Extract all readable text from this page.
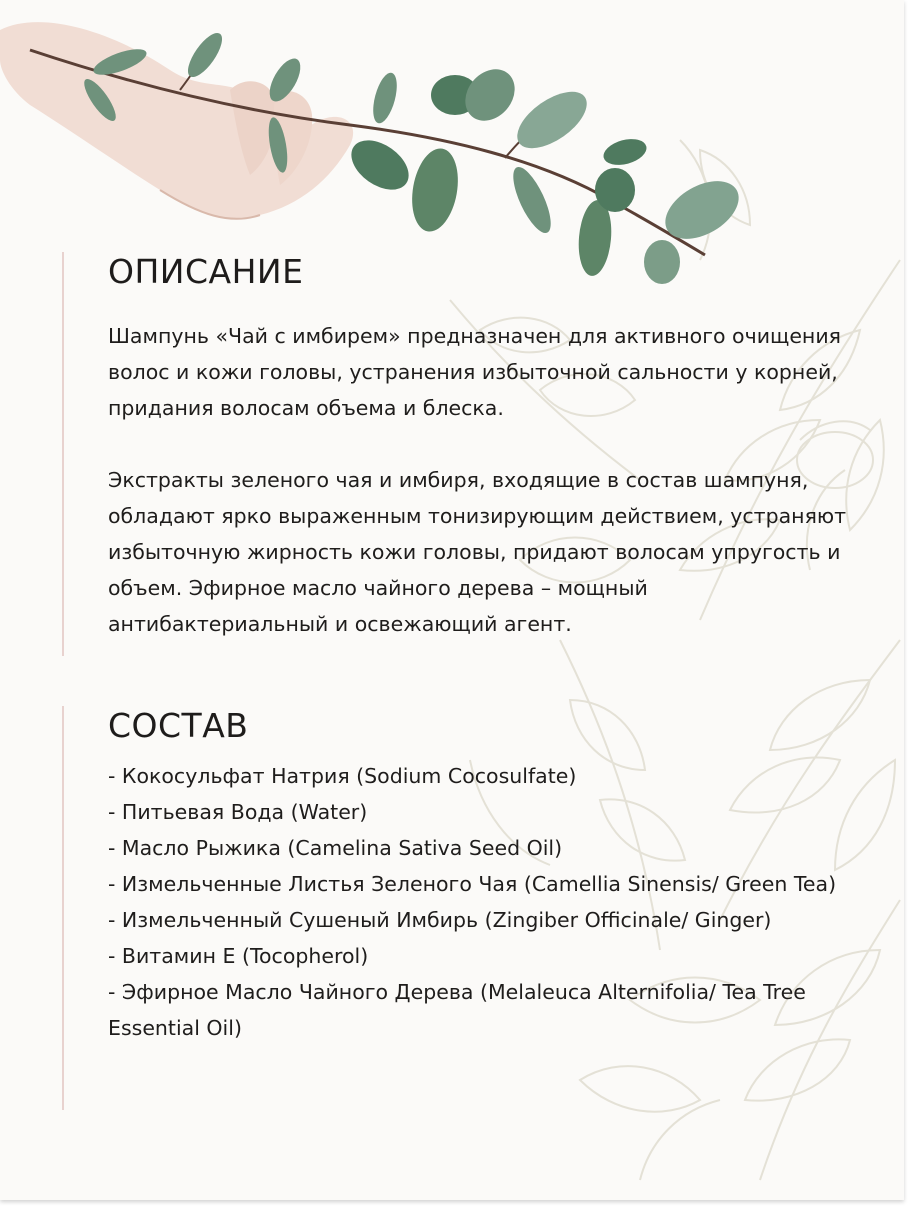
ОПИСАНИЕ

Шампунь «Чай с имбирем» предназначен для активного очищения волос и кожи головы, устранения избыточной сальности у корней, придания волосам объема и блеска.

Экстракты зеленого чая и имбиря, входящие в состав шампуня, обладают ярко выраженным тонизирующим действием, устраняют избыточную жирность кожи головы, придают волосам упругость и объем. Эфирное масло чайного дерева – мощный антибактериальный и освежающий агент.

СОСТАВ
- Кокосульфат Натрия (Sodium Cocosulfate)
- Питьевая Вода (Water)
- Масло Рыжика (Camelina Sativa Seed Oil)
- Измельченные Листья Зеленого Чая (Camellia Sinensis/ Green Tea)
- Измельченный Сушеный Имбирь (Zingiber Officinale/ Ginger)
- Витамин Е (Tocopherol)
- Эфирное Масло Чайного Дерева (Melaleuca Alternifolia/ Tea Tree Essential Oil)
